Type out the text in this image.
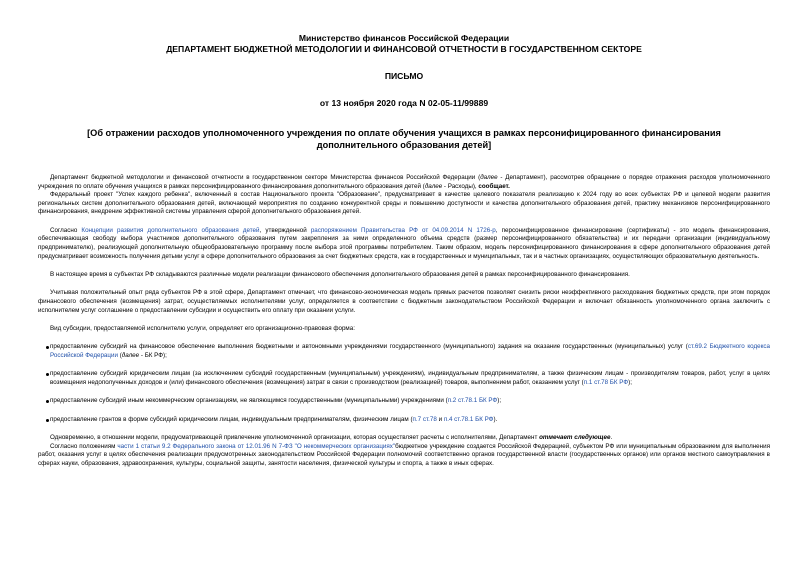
Министерство финансов Российской Федерации
ДЕПАРТАМЕНТ БЮДЖЕТНОЙ МЕТОДОЛОГИИ И ФИНАНСОВОЙ ОТЧЕТНОСТИ В ГОСУДАРСТВЕННОМ СЕКТОРЕ
ПИСЬМО
от 13 ноября 2020 года N 02-05-11/99889
[Об отражении расходов уполномоченного учреждения по оплате обучения учащихся в рамках персонифицированного финансирования дополнительного образования детей]

Департамент бюджетной методологии и финансовой отчетности в государственном секторе Министерства финансов Российской Федерации (далее - Департамент), рассмотрев обращение о порядке отражения расходов уполномоченного учреждения по оплате обучения учащихся в рамках персонифицированного финансирования дополнительного образования детей (далее - Расходы), сообщает.

Федеральный проект "Успех каждого ребенка", включенный в состав Национального проекта "Образование", предусматривает в качестве целевого показателя реализацию к 2024 году во всех субъектах РФ и целевой модели развития региональных систем дополнительного образования детей, включающей мероприятия по созданию конкурентной среды и повышению доступности и качества дополнительного образования детей, практику механизмов персонифицированного финансирования, внедрение эффективной системы управления сферой дополнительного образования детей.

Согласно Концепции развития дополнительного образования детей, утвержденной распоряжением Правительства РФ от 04.09.2014 N 1726-р, персонифицированное финансирование (сертификаты) - это модель финансирования, обеспечивающая свободу выбора участников дополнительного образования путем закрепления за ними определенного объема средств (размер персонифицированного обязательства) и их передачи организации (индивидуальному предпринимателю), реализующей дополнительную общеобразовательную программу после выбора этой программы потребителем. Таким образом, модель персонифицированного финансирования в сфере дополнительного образования детей предусматривает возможность получения детьми услуг в сфере дополнительного образования за счет бюджетных средств, как в государственных и муниципальных, так и в частных организациях, осуществляющих образовательную деятельность.

В настоящее время в субъектах РФ складываются различные модели реализации финансового обеспечения дополнительного образования детей в рамках персонифицированного финансирования.

Учитывая положительный опыт ряда субъектов РФ в этой сфере, Департамент отмечает, что финансово-экономическая модель прямых расчетов позволяет снизить риски неэффективного расходования бюджетных средств, при этом порядок финансового обеспечения (возмещения) затрат, осуществляемых исполнителями услуг, определяется в соответствии с бюджетным законодательством Российской Федерации и включает обязанность уполномоченного органа заключить с исполнителем услуг соглашение о предоставлении субсидии и осуществить его оплату при оказании услуги.

Вид субсидии, предоставляемой исполнителю услуги, определяет его организационно-правовая форма:

предоставление субсидий на финансовое обеспечение выполнения бюджетными и автономными учреждениями государственного (муниципального) задания на оказание государственных (муниципальных) услуг (ст.69.2 Бюджетного кодекса Российской Федерации (далее - БК РФ);

предоставление субсидий юридическим лицам (за исключением субсидий государственным (муниципальным) учреждениям), индивидуальным предпринимателям, а также физическим лицам - производителям товаров, работ, услуг в целях возмещения недополученных доходов и (или) финансового обеспечения (возмещения) затрат в связи с производством (реализацией) товаров, выполнением работ, оказанием услуг (п.1 ст.78 БК РФ);

предоставление субсидий иным некоммерческим организациям, не являющимся государственными (муниципальными) учреждениями (п.2 ст.78.1 БК РФ);

предоставление грантов в форме субсидий юридическим лицам, индивидуальным предпринимателям, физическим лицам (п.7 ст.78 и п.4 ст.78.1 БК РФ).

Одновременно, в отношении модели, предусматривающей привлечение уполномоченной организации, которая осуществляет расчеты с исполнителями, Департамент отмечает следующее.

Согласно положениям части 1 статьи 9.2 Федерального закона от 12.01.96 N 7-ФЗ "О некоммерческих организациях"бюджетное учреждение создается Российской Федерацией, субъектом РФ или муниципальным образованием для выполнения работ, оказания услуг в целях обеспечения реализации предусмотренных законодательством Российской Федерации полномочий соответственно органов государственной власти (государственных органов) или органов местного самоуправления в сферах науки, образования, здравоохранения, культуры, социальной защиты, занятости населения, физической культуры и спорта, а также в иных сферах.
